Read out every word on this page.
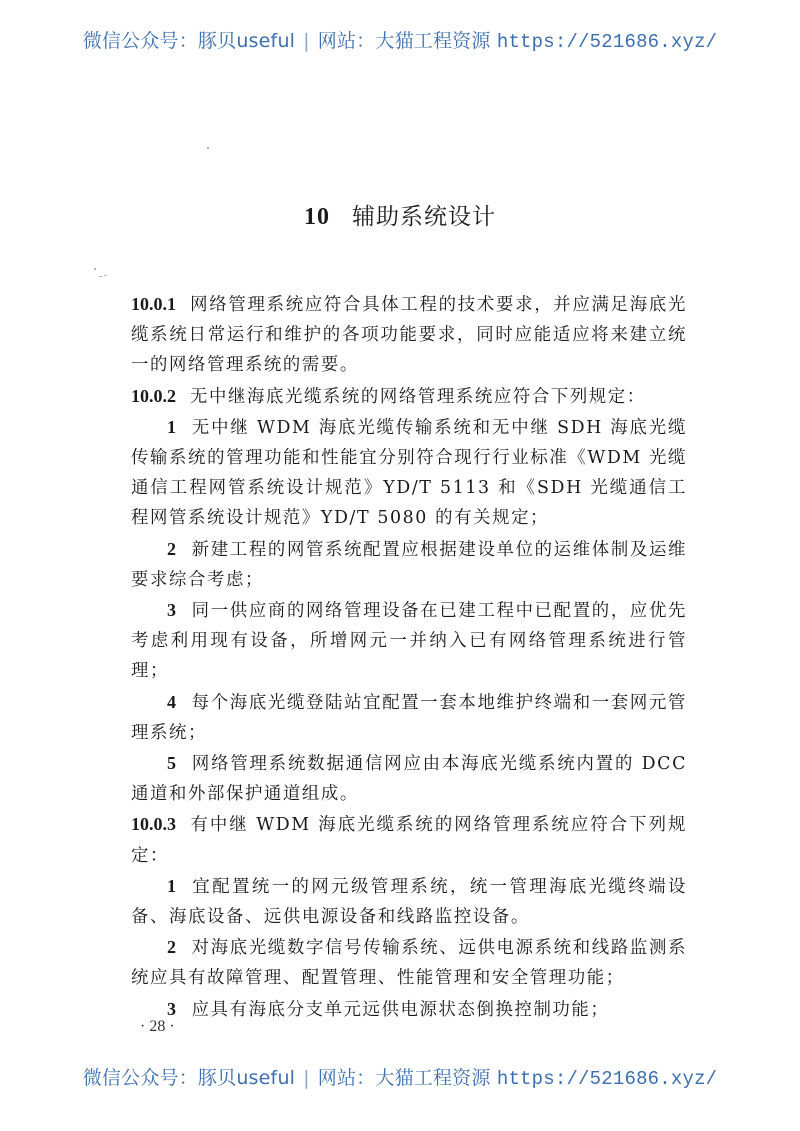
微信公众号：豚贝useful | 网站：大猫工程资源 https://521686.xyz/
10 辅助系统设计

10.0.1 网络管理系统应符合具体工程的技术要求，并应满足海底光缆系统日常运行和维护的各项功能要求，同时应能适应将来建立统一的网络管理系统的需要。

10.0.2 无中继海底光缆系统的网络管理系统应符合下列规定：

1 无中继 WDM 海底光缆传输系统和无中继 SDH 海底光缆传输系统的管理功能和性能宜分别符合现行行业标准《WDM 光缆通信工程网管系统设计规范》YD/T 5113 和《SDH 光缆通信工程网管系统设计规范》YD/T 5080 的有关规定；

2 新建工程的网管系统配置应根据建设单位的运维体制及运维要求综合考虑；

3 同一供应商的网络管理设备在已建工程中已配置的，应优先考虑利用现有设备，所增网元一并纳入已有网络管理系统进行管理；

4 每个海底光缆登陆站宜配置一套本地维护终端和一套网元管理系统；

5 网络管理系统数据通信网应由本海底光缆系统内置的 DCC 通道和外部保护通道组成。

10.0.3 有中继 WDM 海底光缆系统的网络管理系统应符合下列规定：

1 宜配置统一的网元级管理系统，统一管理海底光缆终端设备、海底设备、远供电源设备和线路监控设备。

2 对海底光缆数字信号传输系统、远供电源系统和线路监测系统应具有故障管理、配置管理、性能管理和安全管理功能；

3 应具有海底分支单元远供电源状态倒换控制功能；

· 28 ·
微信公众号：豚贝useful | 网站：大猫工程资源 https://521686.xyz/
